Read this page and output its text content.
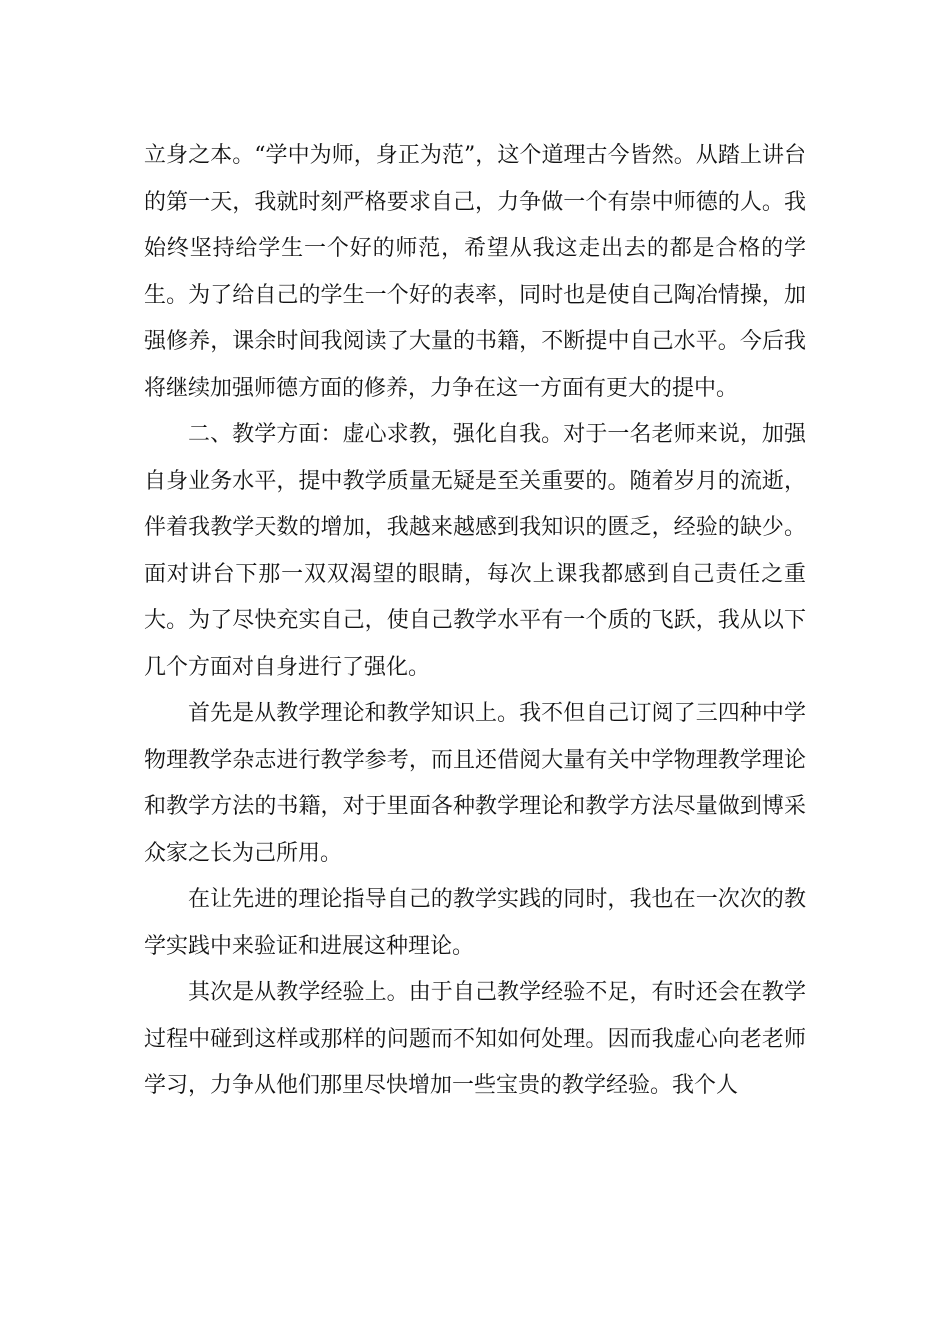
立身之本。“学中为师，身正为范”，这个道理古今皆然。从踏上讲台的第一天，我就时刻严格要求自己，力争做一个有崇中师德的人。我始终坚持给学生一个好的师范，希望从我这走出去的都是合格的学生。为了给自己的学生一个好的表率，同时也是使自己陶冶情操，加强修养，课余时间我阅读了大量的书籍，不断提中自己水平。今后我将继续加强师德方面的修养，力争在这一方面有更大的提中。

二、教学方面：虚心求教，强化自我。对于一名老师来说，加强自身业务水平，提中教学质量无疑是至关重要的。随着岁月的流逝，伴着我教学天数的增加，我越来越感到我知识的匮乏，经验的缺少。面对讲台下那一双双渴望的眼睛，每次上课我都感到自己责任之重大。为了尽快充实自己，使自己教学水平有一个质的飞跃，我从以下几个方面对自身进行了强化。

首先是从教学理论和教学知识上。我不但自己订阅了三四种中学物理教学杂志进行教学参考，而且还借阅大量有关中学物理教学理论和教学方法的书籍，对于里面各种教学理论和教学方法尽量做到博采众家之长为己所用。

在让先进的理论指导自己的教学实践的同时，我也在一次次的教学实践中来验证和进展这种理论。

其次是从教学经验上。由于自己教学经验不足，有时还会在教学过程中碰到这样或那样的问题而不知如何处理。因而我虚心向老老师学习，力争从他们那里尽快增加一些宝贵的教学经验。我个人
